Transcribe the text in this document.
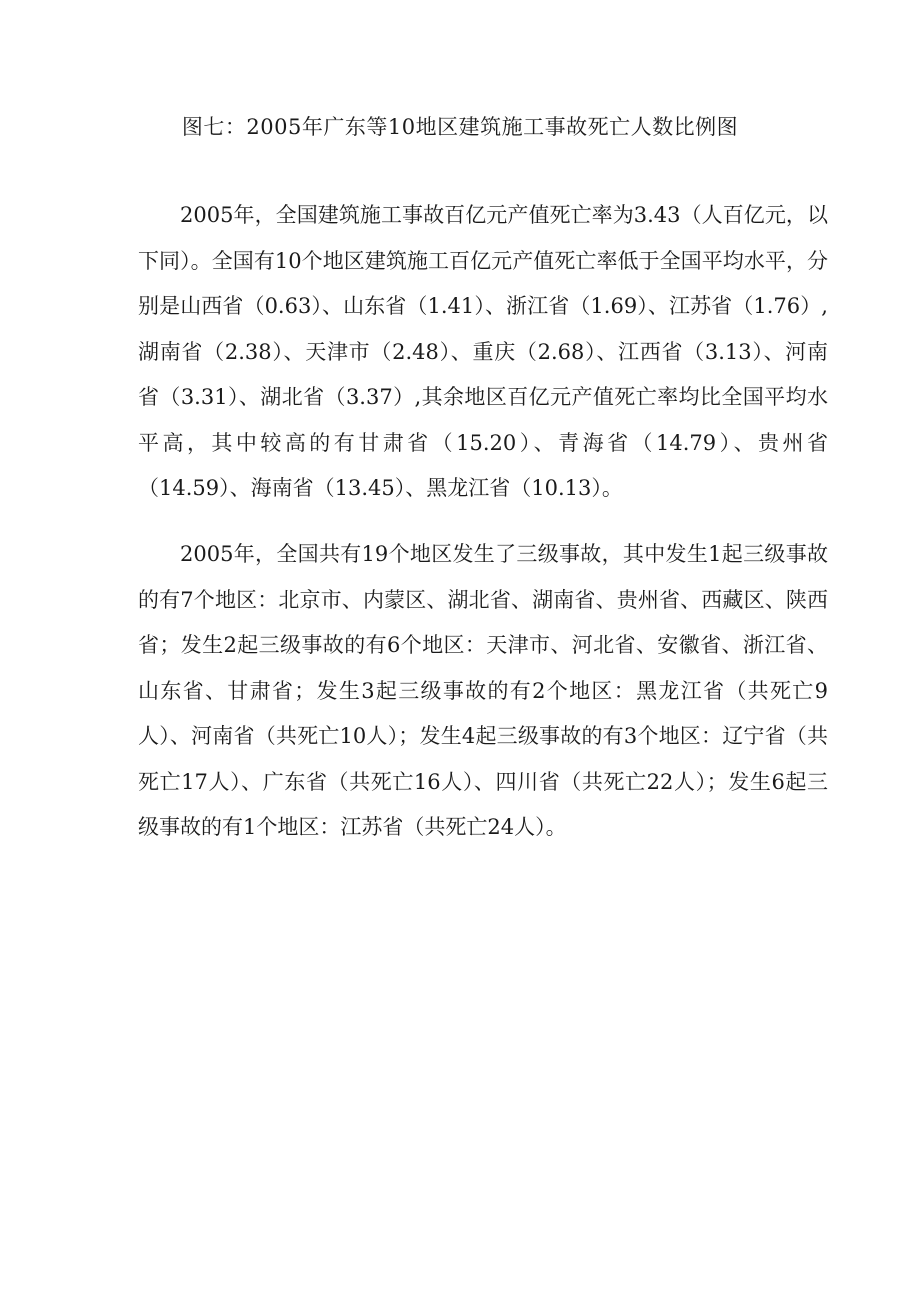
图七：2005年广东等10地区建筑施工事故死亡人数比例图

2005年，全国建筑施工事故百亿元产值死亡率为3.43（人百亿元，以下同）。全国有10个地区建筑施工百亿元产值死亡率低于全国平均水平，分别是山西省（0.63）、山东省（1.41）、浙江省（1.69）、江苏省（1.76）,湖南省（2.38）、天津市（2.48）、重庆（2.68）、江西省（3.13）、河南省（3.31）、湖北省（3.37）,其余地区百亿元产值死亡率均比全国平均水平高，其中较高的有甘肃省（15.20）、青海省（14.79）、贵州省（14.59）、海南省（13.45）、黑龙江省（10.13）。

2005年，全国共有19个地区发生了三级事故，其中发生1起三级事故的有7个地区：北京市、内蒙区、湖北省、湖南省、贵州省、西藏区、陕西省；发生2起三级事故的有6个地区：天津市、河北省、安徽省、浙江省、山东省、甘肃省；发生3起三级事故的有2个地区：黑龙江省（共死亡9人）、河南省（共死亡10人）；发生4起三级事故的有3个地区：辽宁省（共死亡17人）、广东省（共死亡16人）、四川省（共死亡22人）；发生6起三级事故的有1个地区：江苏省（共死亡24人）。
